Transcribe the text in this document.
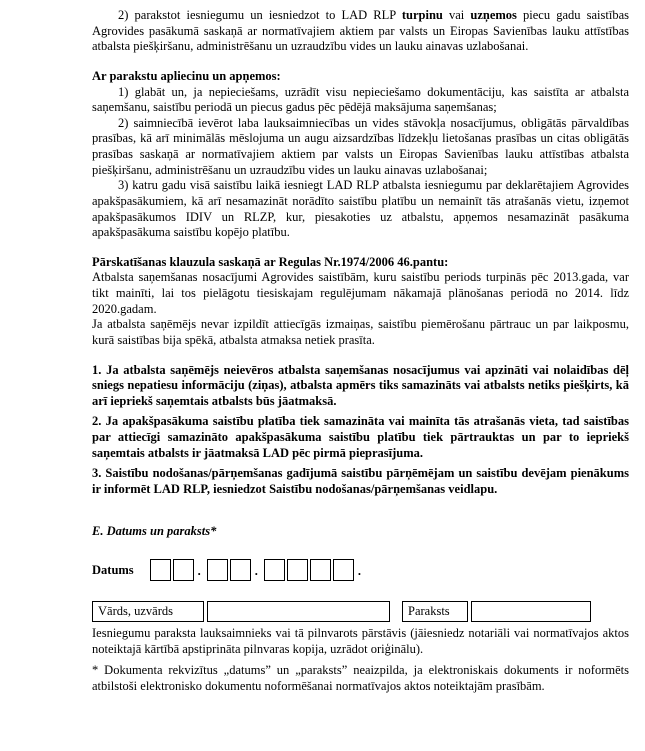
2) parakstot iesniegumu un iesniedzot to LAD RLP turpinu vai uzņemos piecu gadu saistības Agrovides pasākumā saskaņā ar normatīvajiem aktiem par valsts un Eiropas Savienības lauku attīstības atbalsta piešķiršanu, administrēšanu un uzraudzību vides un lauku ainavas uzlabošanai.

Ar parakstu apliecinu un apņemos:

1) glabāt un, ja nepieciešams, uzrādīt visu nepieciešamo dokumentāciju, kas saistīta ar atbalsta saņemšanu, saistību periodā un piecus gadus pēc pēdējā maksājuma saņemšanas;

2) saimniecībā ievērot laba lauksaimniecības un vides stāvokļa nosacījumus, obligātās pārvaldības prasības, kā arī minimālās mēslojuma un augu aizsardzības līdzekļu lietošanas prasības un citas obligātās prasības saskaņā ar normatīvajiem aktiem par valsts un Eiropas Savienības lauku attīstības atbalsta piešķiršanu, administrēšanu un uzraudzību vides un lauku ainavas uzlabošanai;

3) katru gadu visā saistību laikā iesniegt LAD RLP atbalsta iesniegumu par deklarētajiem Agrovides apakšpasākumiem, kā arī nesamazināt norādīto saistību platību un nemainīt tās atrašanās vietu, izņemot apakšpasākumos IDIV un RLZP, kur, piesakoties uz atbalstu, apņemos nesamazināt pasākuma apakšpasākuma saistību kopējo platību.

Pārskatīšanas klauzula saskaņā ar Regulas Nr.1974/2006 46.pantu:

Atbalsta saņemšanas nosacījumi Agrovides saistībām, kuru saistību periods turpinās pēc 2013.gada, var tikt mainīti, lai tos pielāgotu tiesiskajam regulējumam nākamajā plānošanas periodā no 2014. līdz 2020.gadam.

Ja atbalsta saņēmējs nevar izpildīt attiecīgās izmaiņas, saistību piemērošanu pārtrauc un par laikposmu, kurā saistības bija spēkā, atbalsta atmaksa netiek prasīta.

1. Ja atbalsta saņēmējs neievēros atbalsta saņemšanas nosacījumus vai apzināti vai nolaidības dēļ sniegs nepatiesu informāciju (ziņas), atbalsta apmērs tiks samazināts vai atbalsts netiks piešķirts, kā arī iepriekš saņemtais atbalsts būs jāatmaksā.

2. Ja apakšpasākuma saistību platība tiek samazināta vai mainīta tās atrašanās vieta, tad saistības par attiecīgi samazināto apakšpasākuma saistību platību tiek pārtrauktas un par to iepriekš saņemtais atbalsts ir jāatmaksā LAD pēc pirmā pieprasījuma.

3. Saistību nodošanas/pārņemšanas gadījumā saistību pārņēmējam un saistību devējam pienākums ir informēt LAD RLP, iesniedzot Saistību nodošanas/pārņemšanas veidlapu.

E. Datums un paraksts*

Datums	.	.	.
Vārds, uzvārds	Paraksts

Iesniegumu paraksta lauksaimnieks vai tā pilnvarots pārstāvis (jāiesniedz notariāli vai normatīvajos aktos noteiktajā kārtībā apstiprināta pilnvaras kopija, uzrādot oriģinālu).

* Dokumenta rekvizītus „datums” un „paraksts” neaizpilda, ja elektroniskais dokuments ir noformēts atbilstoši elektronisko dokumentu noformēšanai normatīvajos aktos noteiktajām prasībām.
